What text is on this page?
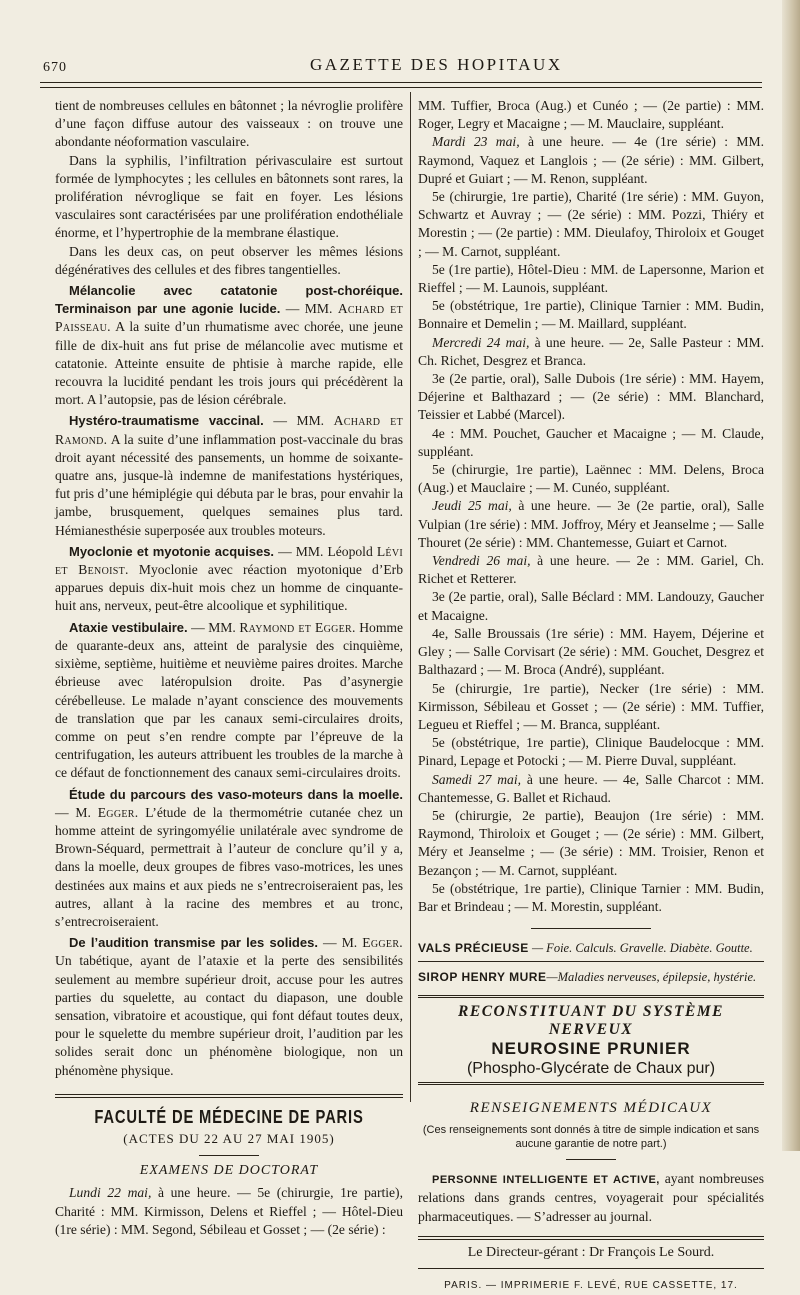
670	GAZETTE DES HOPITAUX

tient de nombreuses cellules en bâtonnet ; la névroglie prolifère d’une façon diffuse autour des vaisseaux : on trouve une abondante néoformation vasculaire.

Dans la syphilis, l’infiltration périvasculaire est surtout formée de lymphocytes ; les cellules en bâtonnets sont rares, la prolifération névroglique se fait en foyer. Les lésions vasculaires sont caractérisées par une prolifération endothéliale énorme, et l’hypertrophie de la membrane élastique.

Dans les deux cas, on peut observer les mêmes lésions dégénératives des cellules et des fibres tangentielles.

Mélancolie avec catatonie post-choréique. Terminaison par une agonie lucide. — MM. Achard et Paisseau. A la suite d’un rhumatisme avec chorée, une jeune fille de dix-huit ans fut prise de mélancolie avec mutisme et catatonie. Atteinte ensuite de phtisie à marche rapide, elle recouvra la lucidité pendant les trois jours qui précédèrent la mort. A l’autopsie, pas de lésion cérébrale.

Hystéro-traumatisme vaccinal. — MM. Achard et Ramond. A la suite d’une inflammation post-vaccinale du bras droit ayant nécessité des pansements, un homme de soixante-quatre ans, jusque-là indemne de manifestations hystériques, fut pris d’une hémiplégie qui débuta par le bras, pour envahir la jambe, brusquement, quelques semaines plus tard. Hémianesthésie superposée aux troubles moteurs.

Myoclonie et myotonie acquises. — MM. Léopold Lévi et Benoist. Myoclonie avec réaction myotonique d’Erb apparues depuis dix-huit mois chez un homme de cinquante-huit ans, nerveux, peut-être alcoolique et syphilitique.

Ataxie vestibulaire. — MM. Raymond et Egger. Homme de quarante-deux ans, atteint de paralysie des cinquième, sixième, septième, huitième et neuvième paires droites. Marche ébrieuse avec latéropulsion droite. Pas d’asynergie cérébelleuse. Le malade n’ayant conscience des mouvements de translation que par les canaux semi-circulaires droits, comme on peut s’en rendre compte par l’épreuve de la centrifugation, les auteurs attribuent les troubles de la marche à ce défaut de fonctionnement des canaux semi-circulaires droits.

Étude du parcours des vaso-moteurs dans la moelle. — M. Egger. L’étude de la thermométrie cutanée chez un homme atteint de syringomyélie unilatérale avec syndrome de Brown-Séquard, permettrait à l’auteur de conclure qu’il y a, dans la moelle, deux groupes de fibres vaso-motrices, les unes destinées aux mains et aux pieds ne s’entrecroiseraient pas, les autres, allant à la racine des membres et au tronc, s’entrecroiseraient.

De l’audition transmise par les solides. — M. Egger. Un tabétique, ayant de l’ataxie et la perte des sensibilités seulement au membre supérieur droit, accuse pour les autres parties du squelette, au contact du diapason, une double sensation, vibratoire et acoustique, qui font défaut toutes deux, pour le squelette du membre supérieur droit, l’audition par les solides serait donc un phénomène biologique, non un phénomène physique.

FACULTÉ DE MÉDECINE DE PARIS
(ACTES DU 22 AU 27 MAI 1905)
EXAMENS DE DOCTORAT

Lundi 22 mai, à une heure. — 5e (chirurgie, 1re partie), Charité : MM. Kirmisson, Delens et Rieffel ; — Hôtel-Dieu (1re série) : MM. Segond, Sébileau et Gosset ; — (2e série) :

MM. Tuffier, Broca (Aug.) et Cunéo ; — (2e partie) : MM. Roger, Legry et Macaigne ; — M. Mauclaire, suppléant.

Mardi 23 mai, à une heure. — 4e (1re série) : MM. Raymond, Vaquez et Langlois ; — (2e série) : MM. Gilbert, Dupré et Guiart ; — M. Renon, suppléant.

5e (chirurgie, 1re partie), Charité (1re série) : MM. Guyon, Schwartz et Auvray ; — (2e série) : MM. Pozzi, Thiéry et Morestin ; — (2e partie) : MM. Dieulafoy, Thiroloix et Gouget ; — M. Carnot, suppléant.

5e (1re partie), Hôtel-Dieu : MM. de Lapersonne, Marion et Rieffel ; — M. Launois, suppléant.

5e (obstétrique, 1re partie), Clinique Tarnier : MM. Budin, Bonnaire et Demelin ; — M. Maillard, suppléant.

Mercredi 24 mai, à une heure. — 2e, Salle Pasteur : MM. Ch. Richet, Desgrez et Branca.

3e (2e partie, oral), Salle Dubois (1re série) : MM. Hayem, Déjerine et Balthazard ; — (2e série) : MM. Blanchard, Teissier et Labbé (Marcel).

4e : MM. Pouchet, Gaucher et Macaigne ; — M. Claude, suppléant.

5e (chirurgie, 1re partie), Laënnec : MM. Delens, Broca (Aug.) et Mauclaire ; — M. Cunéo, suppléant.

Jeudi 25 mai, à une heure. — 3e (2e partie, oral), Salle Vulpian (1re série) : MM. Joffroy, Méry et Jeanselme ; — Salle Thouret (2e série) : MM. Chantemesse, Guiart et Carnot.

Vendredi 26 mai, à une heure. — 2e : MM. Gariel, Ch. Richet et Retterer.

3e (2e partie, oral), Salle Béclard : MM. Landouzy, Gaucher et Macaigne.

4e, Salle Broussais (1re série) : MM. Hayem, Déjerine et Gley ; — Salle Corvisart (2e série) : MM. Gouchet, Desgrez et Balthazard ; — M. Broca (André), suppléant.

5e (chirurgie, 1re partie), Necker (1re série) : MM. Kirmisson, Sébileau et Gosset ; — (2e série) : MM. Tuffier, Legueu et Rieffel ; — M. Branca, suppléant.

5e (obstétrique, 1re partie), Clinique Baudelocque : MM. Pinard, Lepage et Potocki ; — M. Pierre Duval, suppléant.

Samedi 27 mai, à une heure. — 4e, Salle Charcot : MM. Chantemesse, G. Ballet et Richaud.

5e (chirurgie, 2e partie), Beaujon (1re série) : MM. Raymond, Thiroloix et Gouget ; — (2e série) : MM. Gilbert, Méry et Jeanselme ; — (3e série) : MM. Troisier, Renon et Bezançon ; — M. Carnot, suppléant.

5e (obstétrique, 1re partie), Clinique Tarnier : MM. Budin, Bar et Brindeau ; — M. Morestin, suppléant.

VALS PRÉCIEUSE — Foie. Calculs. Gravelle. Diabète. Goutte.
SIROP HENRY MURE—Maladies nerveuses, épilepsie, hystérie.
RECONSTITUANT DU SYSTÈME NERVEUX
NEUROSINE PRUNIER
(Phospho-Glycérate de Chaux pur)
RENSEIGNEMENTS MÉDICAUX
(Ces renseignements sont donnés à titre de simple indication et sans aucune garantie de notre part.)

PERSONNE INTELLIGENTE ET ACTIVE, ayant nombreuses relations dans grands centres, voyagerait pour spécialités pharmaceutiques. — S’adresser au journal.

Le Directeur-gérant : Dr François Le Sourd.
PARIS. — IMPRIMERIE F. LEVÉ, RUE CASSETTE, 17.
